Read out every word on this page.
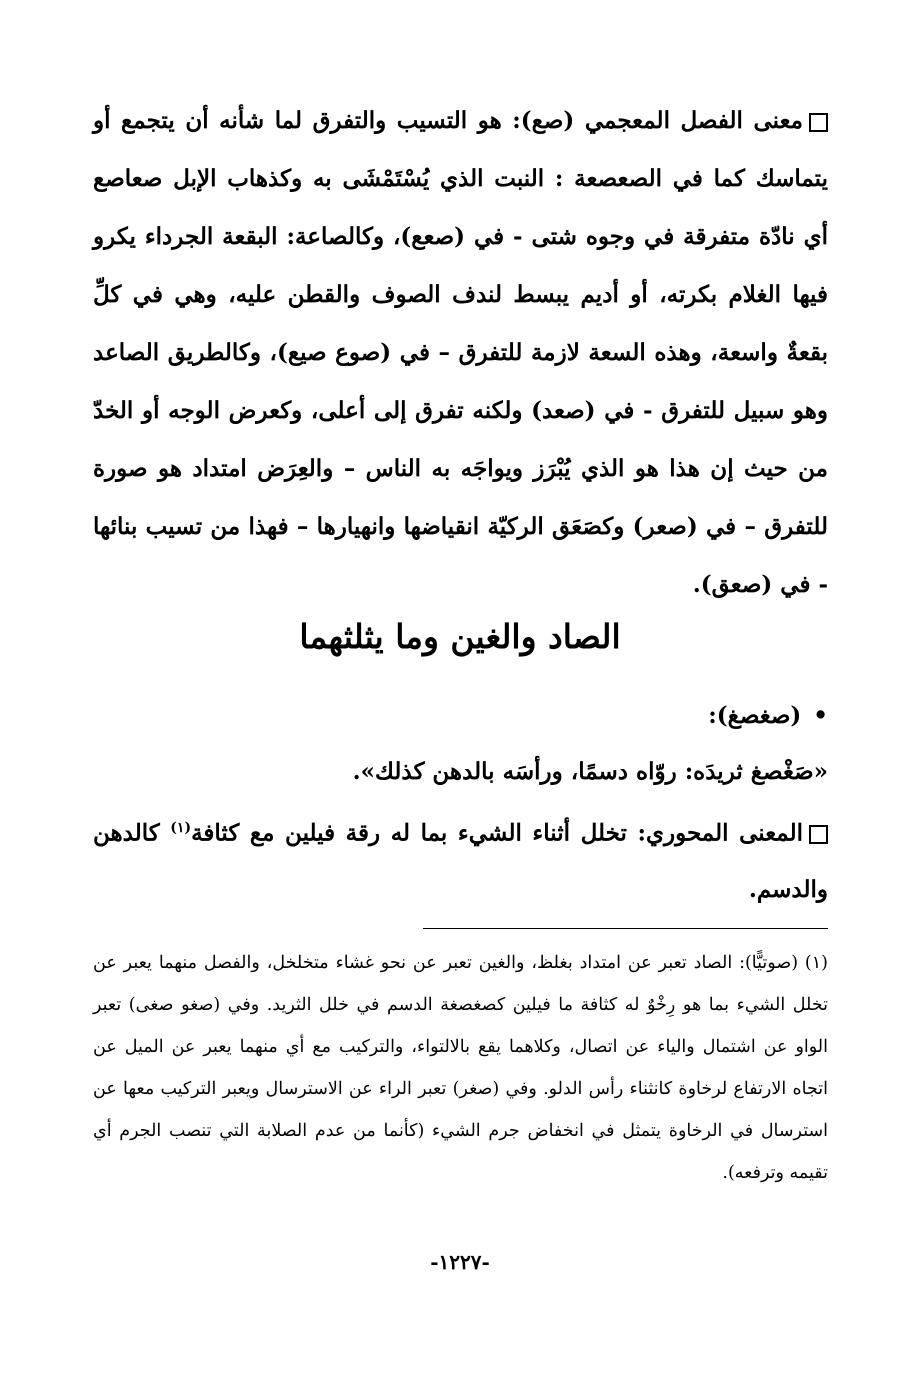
معنى الفصل المعجمي (صع): هو التسيب والتفرق لما شأنه أن يتجمع أو يتماسك كما في الصعصعة : النبت الذي يُسْتَمْشَى به وكذهاب الإبل صعاصع أي نادّة متفرقة في وجوه شتى - في (صعع)، وكالصاعة: البقعة الجرداء يكرو فيها الغلام بكرته، أو أديم يبسط لندف الصوف والقطن عليه، وهي في كلِّ بقعةٌ واسعة، وهذه السعة لازمة للتفرق – في (صوع صيع)، وكالطريق الصاعد وهو سبيل للتفرق - في (صعد) ولكنه تفرق إلى أعلى، وكعرض الوجه أو الخدّ من حيث إن هذا هو الذي يُبْرَز ويواجَه به الناس – والعِرَض امتداد هو صورة للتفرق – في (صعر) وكصَعَق الركيّة انقياضها وانهيارها – فهذا من تسيب بنائها - في (صعق).
الصاد والغين وما يثلثهما
•(صغصغ):
«صَغْصغ ثريدَه: روّاه دسمًا، ورأسَه بالدهن كذلك».
المعنى المحوري: تخلل أثناء الشيء بما له رقة فيلين مع كثافة$^{(١)}$ كالدهن والدسم.
(١) (صوتيًّا): الصاد تعبر عن امتداد بغلظ، والغين تعبر عن نحو غشاء متخلخل، والفصل منهما يعبر عن تخلل الشيء بما هو رِخْوٌ له كثافة ما فيلين كصغصغة الدسم في خلل الثريد. وفي (صغو صغى) تعبر الواو عن اشتمال والياء عن اتصال، وكلاهما يقع بالالتواء، والتركيب مع أي منهما يعبر عن الميل عن اتجاه الارتفاع لرخاوة كانثناء رأس الدلو. وفي (صغر) تعبر الراء عن الاسترسال ويعبر التركيب معها عن استرسال في الرخاوة يتمثل في انخفاض جرم الشيء (كأنما من عدم الصلابة التي تنصب الجرم أي تقيمه وترفعه).
-١٢٢٧-
